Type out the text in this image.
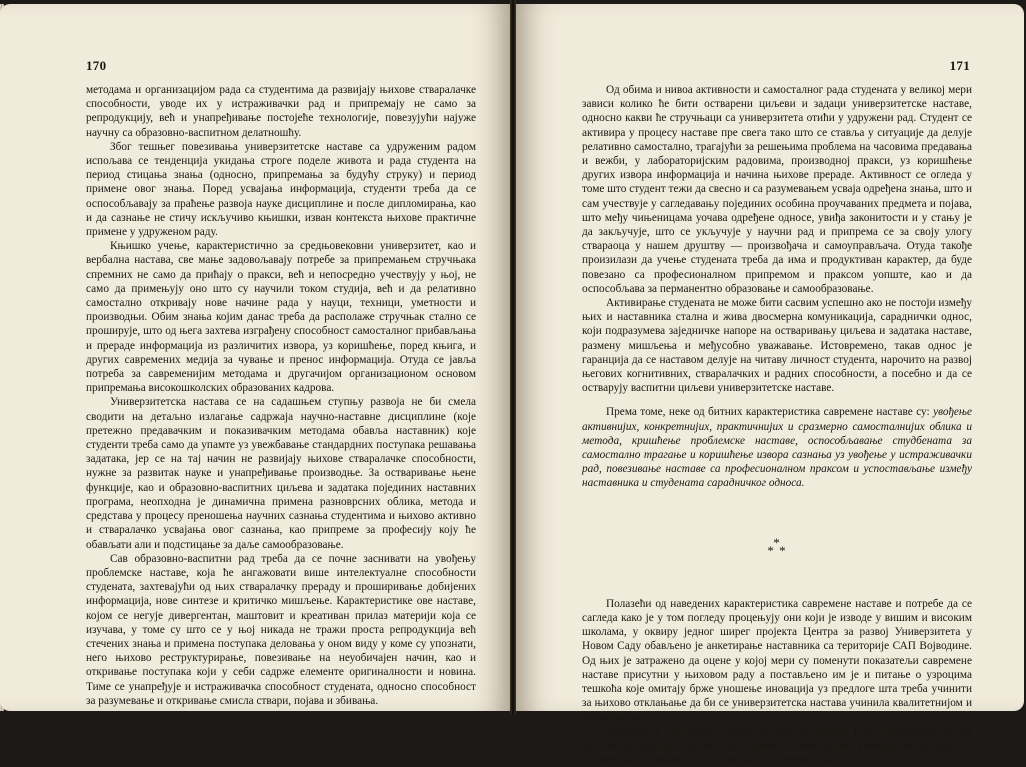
170

методама и организацијом рада са студентима да развијају њихове стваралачке способности, уводе их у истраживачки рад и припремају не само за репродукцију, већ и унапређивање постојеће технологије, повезујући најуже научну са образовно-васпитном делатношћу.

Због тешњег повезивања универзитетске наставе са удруженим радом испољава се тенденција укидања строге поделе живота и рада студента на период стицања знања (односно, припремања за будућу струку) и период примене овог знања. Поред усвајања информација, студенти треба да се оспособљавају за праћење развоја науке дисциплине и после дипломирања, као и да сазнање не стичу искључиво књишки, изван контекста њихове практичне примене у удруженом раду.

Књишко учење, карактеристично за средњовековни универзитет, као и вербална настава, све мање задовољавају потребе за припремањем стручњака спремних не само да прићају о пракси, већ и непосредно учествују у њој, не само да примењују оно што су научили током студија, већ и да релативно самостално откривају нове начине рада у науци, техници, уметности и производњи. Обим знања којим данас треба да располаже стручњак стално се проширује, што од њега захтева изграђену способност самосталног прибављања и прераде информација из различитих извора, уз коришћење, поред књига, и других савремених медија за чување и пренос информација. Отуда се јавља потреба за савременијим методама и другачијом организационом основом припремања високошколских образованих кадрова.

Универзитетска настава се на садашњем ступњу развоја не би смела сводити на детаљно излагање садржаја научно-наставне дисциплине (које претежно предавачким и показивачким методама обавља наставник) које студенти треба само да упамте уз увежбавање стандардних поступака решавања задатака, јер се на тај начин не развијају њихове стваралачке способности, нужне за развитак науке и унапређивање производње. За остваривање њене функције, као и образовно-васпитних циљева и задатака појединих наставних програма, неопходна је динамична примена разноврсних облика, метода и средстава у процесу преношења научних сазнања студентима и њихово активно и стваралачко усвајања овог сазнања, као припреме за професију коју ће обављати али и подстицање за даље самообразовање.

Сав образовно-васпитни рад треба да се почне заснивати на увођењу проблемске наставе, која ће ангажовати више интелектуалне способности студената, захтевајући од њих стваралачку прераду и проширивање добијених информација, нове синтезе и критичко мишљење. Карактеристике ове наставе, којом се негује дивергентан, маштовит и креативан прилаз материји која се изучава, у томе су што се у њој никада не тражи проста репродукција већ стечених знања и примена поступака деловања у оном виду у коме су упознати, него њихово реструктурирање, повезивање на неуобичајен начин, као и откривање поступака који у себи садрже елементе оригиналности и новина. Тиме се унапређује и истраживачка способност студената, односно способност за разумевање и откривање смисла ствари, појава и збивања.

171

Од обима и нивоа активности и самосталног рада студената у великој мери зависи колико ће бити остварени циљеви и задаци универзитетске наставе, односно какви ће стручњаци са универзитета отићи у удружени рад. Студент се активира у процесу наставе пре свега тако што се ставља у ситуације да делује релативно самостално, трагајући за решењима проблема на часовима предавања и вежби, у лабораторијским радовима, производној пракси, уз коришћење других извора информација и начина њихове прераде. Активност се огледа у томе што студент тежи да свесно и са разумевањем усваја одређена знања, што и сам учествује у сагледавању појединих особина проучаваних предмета и појава, што међу чињеницама уочава одређене односе, увиђа законитости и у стању је да закључује, што се укључује у научни рад и припрема се за своју улогу ствараоца у нашем друштву — произвођача и самоуправљача. Отуда такође произилази да учење студената треба да има и продуктиван карактер, да буде повезано са професионалном припремом и праксом уопште, као и да оспособљава за перманентно образовање и самообразовање.

Активирање студената не може бити сасвим успешно ако не постоји између њих и наставника стална и жива двосмерна комуникација, сараднички однос, који подразумева заједничке напоре на остваривању циљева и задатака наставе, размену мишљења и међусобно уважавање. Истовремено, такав однос је гаранција да се наставом делује на читаву личност студента, нарочито на развој његових когнитивних, стваралачких и радних способности, а посебно и да се остварују васпитни циљеви универзитетске наставе.

Према томе, неке од битних карактеристика савремене наставе су: увођење активнијих, конкретнијих, практичнијих и сразмерно самосталнијих облика и метода, кришћење проблемске наставе, оспособљавање студбената за самостално трагање и коришћење извора сазнања уз увођење у истраживачки рад, повезивање наставе са професионалном праксом и успостављање између наставника и студената сарадничког односа.

*
* *

Полазећи од наведених карактеристика савремене наставе и потребе да се сагледа како је у том погледу процењују они који је изводе у вишим и високим школама, у оквиру једног ширег пројекта Центра за развој Универзитета у Новом Саду обављено је анкетирање наставника са територије САП Војводине. Од њих је затражено да оцене у којој мери су поменути показатељи савремене наставе присутни у њиховом раду а постављено им је и питање о узроцима тешкоћа које омитају брже уношење иновација уз предлоге шта треба учинити за њихово отклањање да би се универзитетска настава учинила квалитетнијом и ефикаснијом.

Анкетом је обухваћен узорак од 156 наставника (што представља 16,2% укупне популације од 962 наставника Новосадског универзитета), који је добијен на тај начин што су упитници упућени у ин-
